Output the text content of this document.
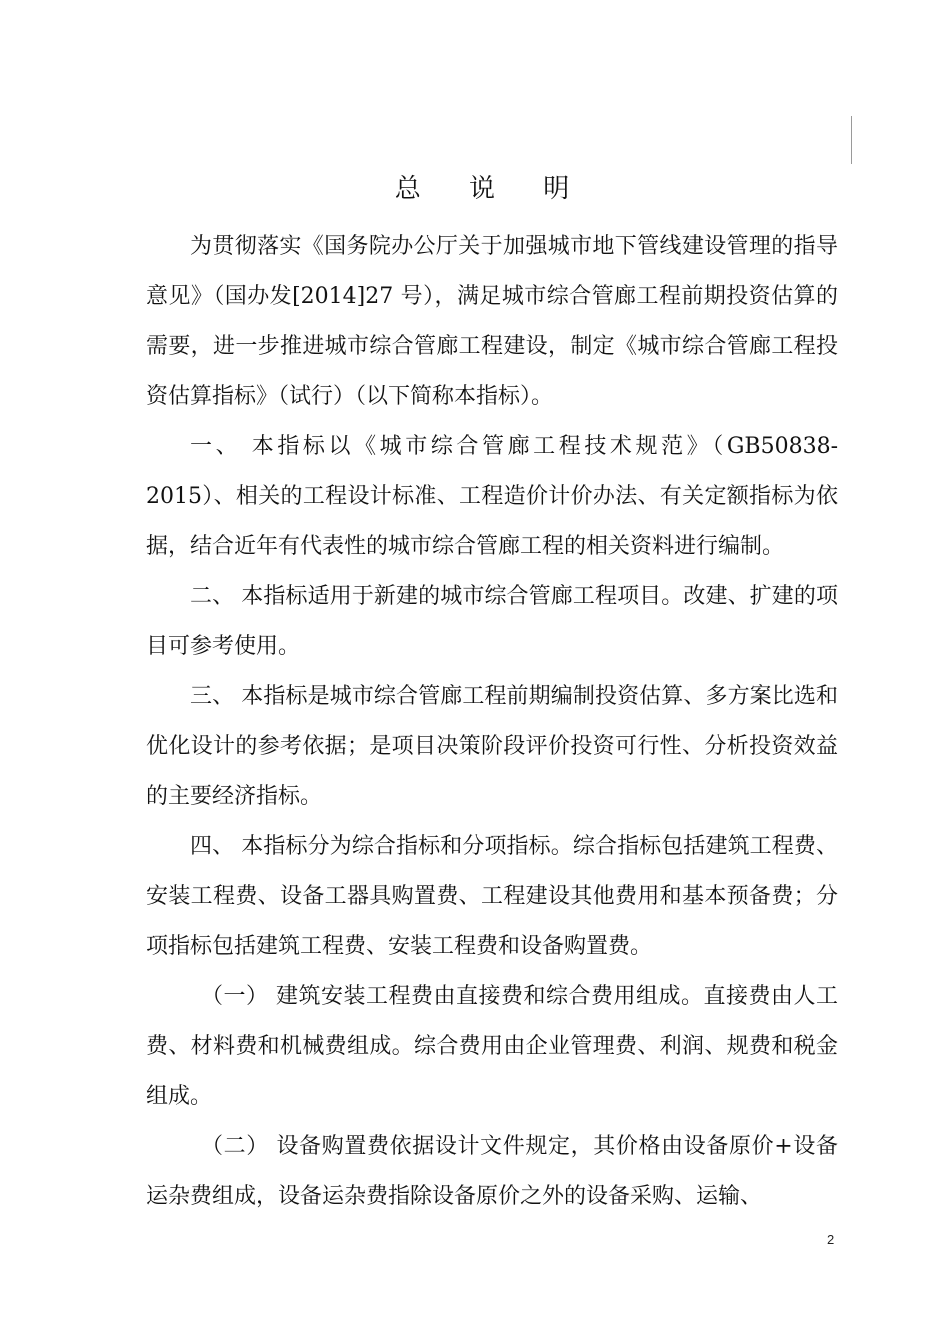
总 说 明

为贯彻落实《国务院办公厅关于加强城市地下管线建设管理的指导意见》（国办发[2014]27 号），满足城市综合管廊工程前期投资估算的需要，进一步推进城市综合管廊工程建设，制定《城市综合管廊工程投资估算指标》（试行）（以下简称本指标）。

一、 本指标以《城市综合管廊工程技术规范》（GB50838-2015）、相关的工程设计标准、工程造价计价办法、有关定额指标为依据，结合近年有代表性的城市综合管廊工程的相关资料进行编制。

二、 本指标适用于新建的城市综合管廊工程项目。改建、扩建的项目可参考使用。

三、 本指标是城市综合管廊工程前期编制投资估算、多方案比选和优化设计的参考依据；是项目决策阶段评价投资可行性、分析投资效益的主要经济指标。

四、 本指标分为综合指标和分项指标。综合指标包括建筑工程费、安装工程费、设备工器具购置费、工程建设其他费用和基本预备费；分项指标包括建筑工程费、安装工程费和设备购置费。

（一） 建筑安装工程费由直接费和综合费用组成。直接费由人工费、材料费和机械费组成。综合费用由企业管理费、利润、规费和税金组成。

（二） 设备购置费依据设计文件规定，其价格由设备原价+设备运杂费组成，设备运杂费指除设备原价之外的设备采购、运输、

2
